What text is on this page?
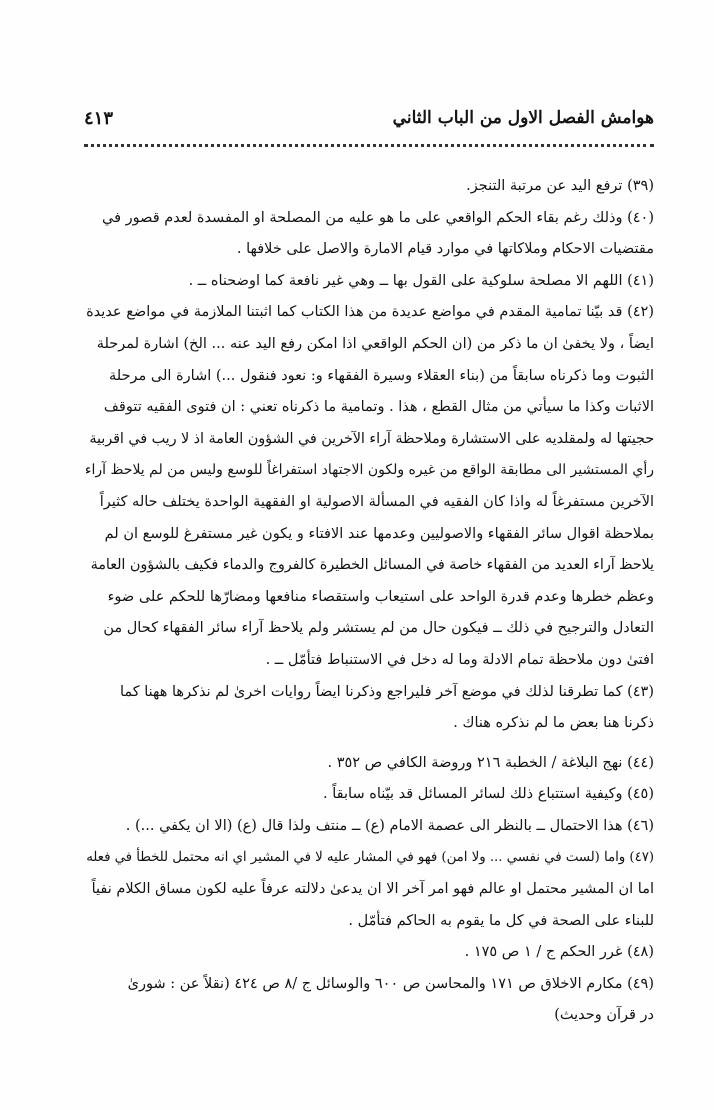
هوامش الفصل الاول من الباب الثاني
٤١٣
(٣٩) ترفع اليد عن مرتبة التنجز.
(٤٠) وذلك رغم بقاء الحكم الواقعي على ما هو عليه من المصلحة او المفسدة لعدم قصور في
مقتضيات الاحكام وملاكاتها في موارد قيام الامارة والاصل على خلافها .
(٤١) اللهم الا مصلحة سلوكية على القول بها ــ وهي غير نافعة كما اوضحناه ــ .
(٤٢) قد بيّنا تمامية المقدم في مواضع عديدة من هذا الكتاب كما اثبتنا الملازمة في مواضع عديدة
ايضاً ، ولا يخفىٰ ان ما ذكر من (ان الحكم الواقعي اذا امكن رفع اليد عنه ... الخ) اشارة لمرحلة
الثبوت وما ذكرناه سابقاً من (بناء العقلاء وسيرة الفقهاء و: نعود فنقول ...) اشارة الى مرحلة
الاثبات وكذا ما سيأتي من مثال القطع ، هذا . وتمامية ما ذكرناه تعني : ان فتوى الفقيه تتوقف
حجيتها له ولمقلديه على الاستشارة وملاحظة آراء الآخرين في الشؤون العامة اذ لا ريب في اقربية
رأي المستشير الى مطابقة الواقع من غيره ولكون الاجتهاد استفراغاً للوسع وليس من لم يلاحظ آراء
الآخرين مستفرغاً له واذا كان الفقيه في المسألة الاصولية او الفقهية الواحدة يختلف حاله كثيراً
بملاحظة اقوال سائر الفقهاء والاصوليين وعدمها عند الافتاء و يكون غير مستفرغ للوسع ان لم
يلاحظ آراء العديد من الفقهاء خاصة في المسائل الخطيرة كالفروج والدماء فكيف بالشؤون العامة
وعظم خطرها وعدم قدرة الواحد على استيعاب واستقصاء منافعها ومضارّها للحكم على ضوء
التعادل والترجيح في ذلك ــ فيكون حال من لم يستشر ولم يلاحظ آراء سائر الفقهاء كحال من
افتىٰ دون ملاحظة تمام الادلة وما له دخل في الاستنباط فتأمّل ــ .
(٤٣) كما تطرقنا لذلك في موضع آخر فليراجع وذكرنا ايضاً روايات اخرىٰ لم نذكرها ههنا كما
ذكرنا هنا بعض ما لم نذكره هناك .
(٤٤) نهج البلاغة / الخطبة ٢١٦ وروضة الكافي ص ٣٥٢ .
(٤٥) وكيفية استتباع ذلك لسائر المسائل قد بيّناه سابقاً .
(٤٦) هذا الاحتمال ــ بالنظر الى عصمة الامام (ع) ــ منتف ولذا قال (ع) (الا ان يكفي ...) .
(٤٧) واما (لست في نفسي ... ولا امن) فهو في المشار عليه لا في المشير اي انه محتمل للخطأ في فعله
اما ان المشير محتمل او عالم فهو امر آخر الا ان يدعىٰ دلالته عرفاً عليه لكون مساق الكلام نفياً
للبناء على الصحة في كل ما يقوم به الحاكم فتأمّل .
(٤٨) غرر الحكم ج / ١ ص ١٧٥ .
(٤٩) مكارم الاخلاق ص ١٧١ والمحاسن ص ٦٠٠ والوسائل ج /٨ ص ٤٢٤ (نقلاً عن : شورىٰ
در قرآن وحديث)
